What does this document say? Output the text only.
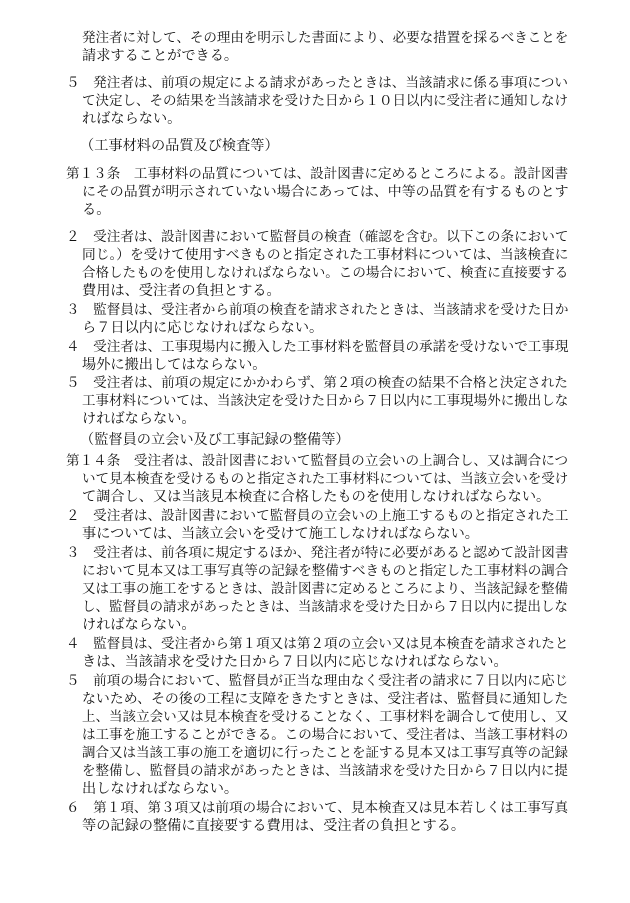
発注者に対して、その理由を明示した書面により、必要な措置を採るべきことを
請求することができる。
５　発注者は、前項の規定による請求があったときは、当該請求に係る事項につい
て決定し、その結果を当該請求を受けた日から１０日以内に受注者に通知しなけ
ればならない。
（工事材料の品質及び検査等）
第１３条　工事材料の品質については、設計図書に定めるところによる。設計図書
にその品質が明示されていない場合にあっては、中等の品質を有するものとす
る。
２　受注者は、設計図書において監督員の検査（確認を含む。以下この条において
同じ。）を受けて使用すべきものと指定された工事材料については、当該検査に
合格したものを使用しなければならない。この場合において、検査に直接要する
費用は、受注者の負担とする。
３　監督員は、受注者から前項の検査を請求されたときは、当該請求を受けた日か
ら７日以内に応じなければならない。
４　受注者は、工事現場内に搬入した工事材料を監督員の承諾を受けないで工事現
場外に搬出してはならない。
５　受注者は、前項の規定にかかわらず、第２項の検査の結果不合格と決定された
工事材料については、当該決定を受けた日から７日以内に工事現場外に搬出しな
ければならない。
（監督員の立会い及び工事記録の整備等）
第１４条　受注者は、設計図書において監督員の立会いの上調合し、又は調合につ
いて見本検査を受けるものと指定された工事材料については、当該立会いを受け
て調合し、又は当該見本検査に合格したものを使用しなければならない。
２　受注者は、設計図書において監督員の立会いの上施工するものと指定された工
事については、当該立会いを受けて施工しなければならない。
３　受注者は、前各項に規定するほか、発注者が特に必要があると認めて設計図書
において見本又は工事写真等の記録を整備すべきものと指定した工事材料の調合
又は工事の施工をするときは、設計図書に定めるところにより、当該記録を整備
し、監督員の請求があったときは、当該請求を受けた日から７日以内に提出しな
ければならない。
４　監督員は、受注者から第１項又は第２項の立会い又は見本検査を請求されたと
きは、当該請求を受けた日から７日以内に応じなければならない。
５　前項の場合において、監督員が正当な理由なく受注者の請求に７日以内に応じ
ないため、その後の工程に支障をきたすときは、受注者は、監督員に通知した
上、当該立会い又は見本検査を受けることなく、工事材料を調合して使用し、又
は工事を施工することができる。この場合において、受注者は、当該工事材料の
調合又は当該工事の施工を適切に行ったことを証する見本又は工事写真等の記録
を整備し、監督員の請求があったときは、当該請求を受けた日から７日以内に提
出しなければならない。
６　第１項、第３項又は前項の場合において、見本検査又は見本若しくは工事写真
等の記録の整備に直接要する費用は、受注者の負担とする。
